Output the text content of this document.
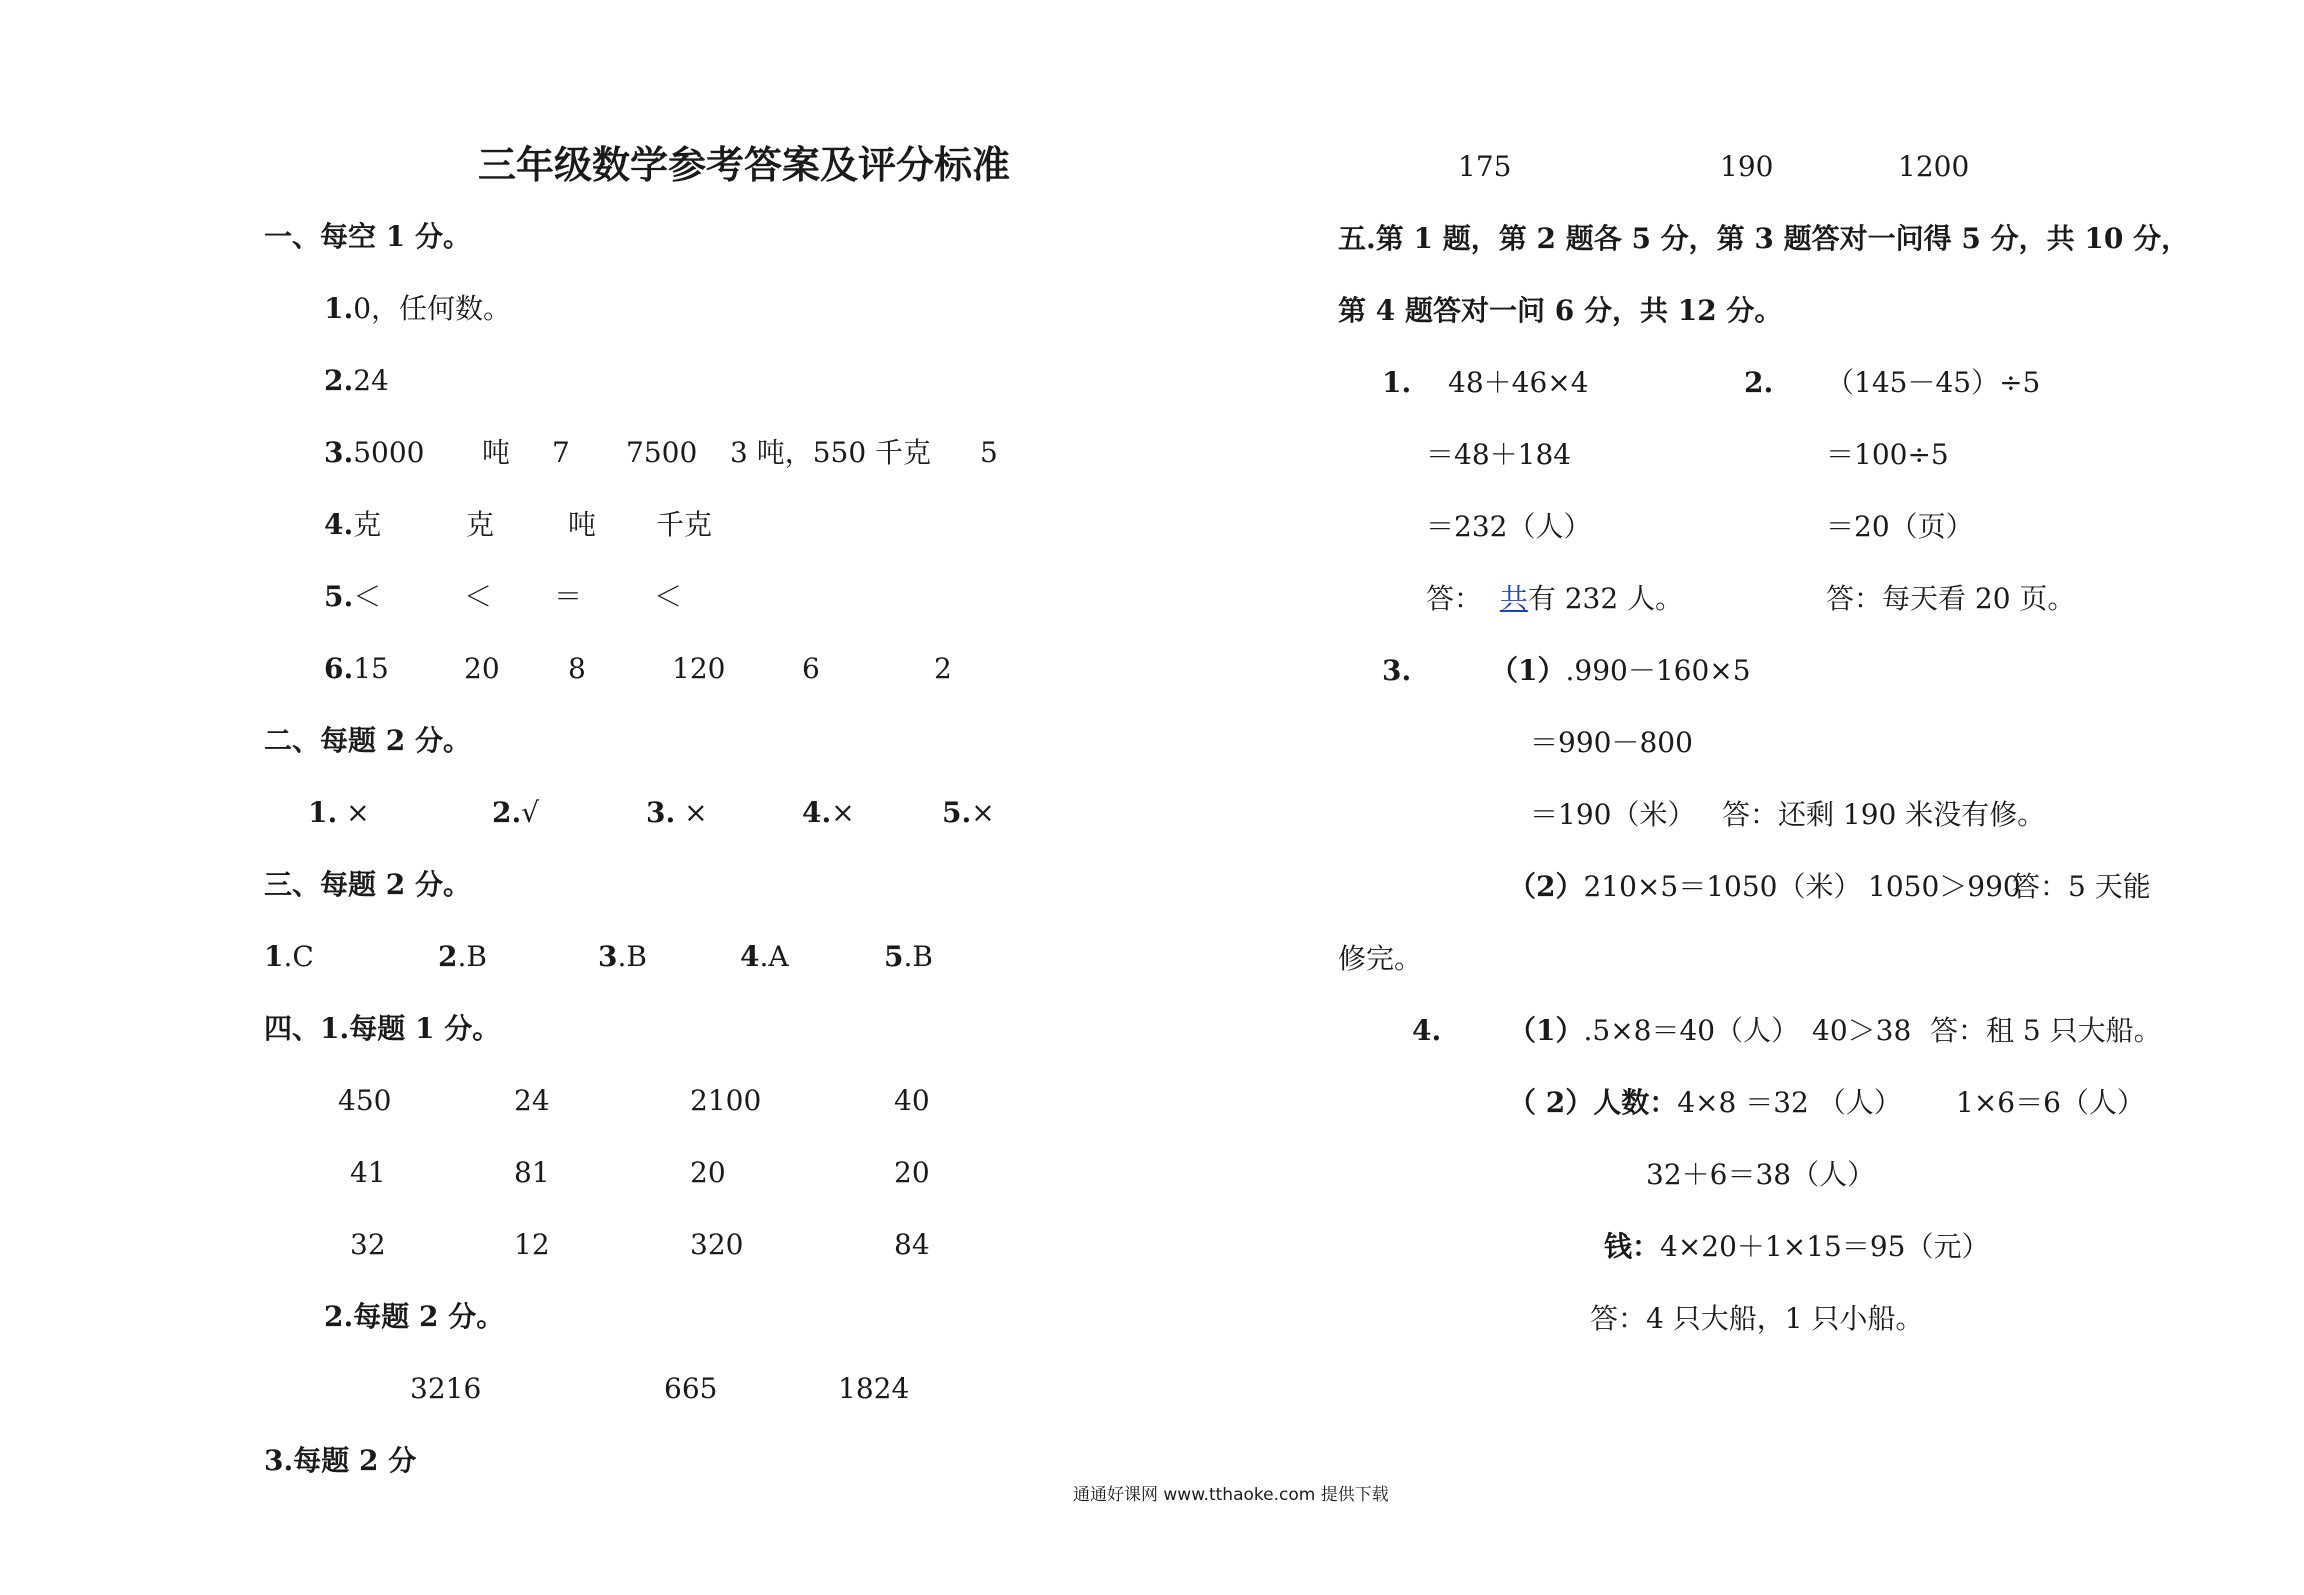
三年级数学参考答案及评分标准
一、每空 1 分。
1.0，任何数。
2.24
3.5000 吨 7 7500 3 吨，550 千克 5
4.克	克	吨 千克
5.＜	＜ ＝	＜
6.15	20 8	120	6	2
二、每题 2 分。
1. ×	2.√	3. ×	4.×	5.×
三、每题 2 分。
1.C	2.B	3.B	4.A	5.B
四、1.每题 1 分。
450	24	2100	40
41	81	20	20
32	12	320	84
2.每题 2 分。
3216	665	1824
3.每题 2 分
175	190	1200
五.第 1 题，第 2 题各 5 分，第 3 题答对一问得 5 分，共 10 分，
第 4 题答对一问 6 分，共 12 分。
1. 48＋46×4
＝48＋184
＝232（人）
答： 共有 232 人。
2. （145－45）÷5
＝100÷5
＝20（页）
答：每天看 20 页。
3.	（1）.990－160×5
＝990－800
＝190（米） 答：还剩 190 米没有修。
（2）210×5＝1050（米） 1050＞990
答：5 天能
修完。
4. （1）.5×8＝40（人） 40＞38 答：租 5 只大船。
（ 2）人数：4×8 ＝32 （人） 1×6＝6（人）
32＋6＝38（人）
钱：4×20＋1×15＝95（元）
答：4 只大船，1 只小船。
通通好课网 www.tthaoke.com 提供下载
